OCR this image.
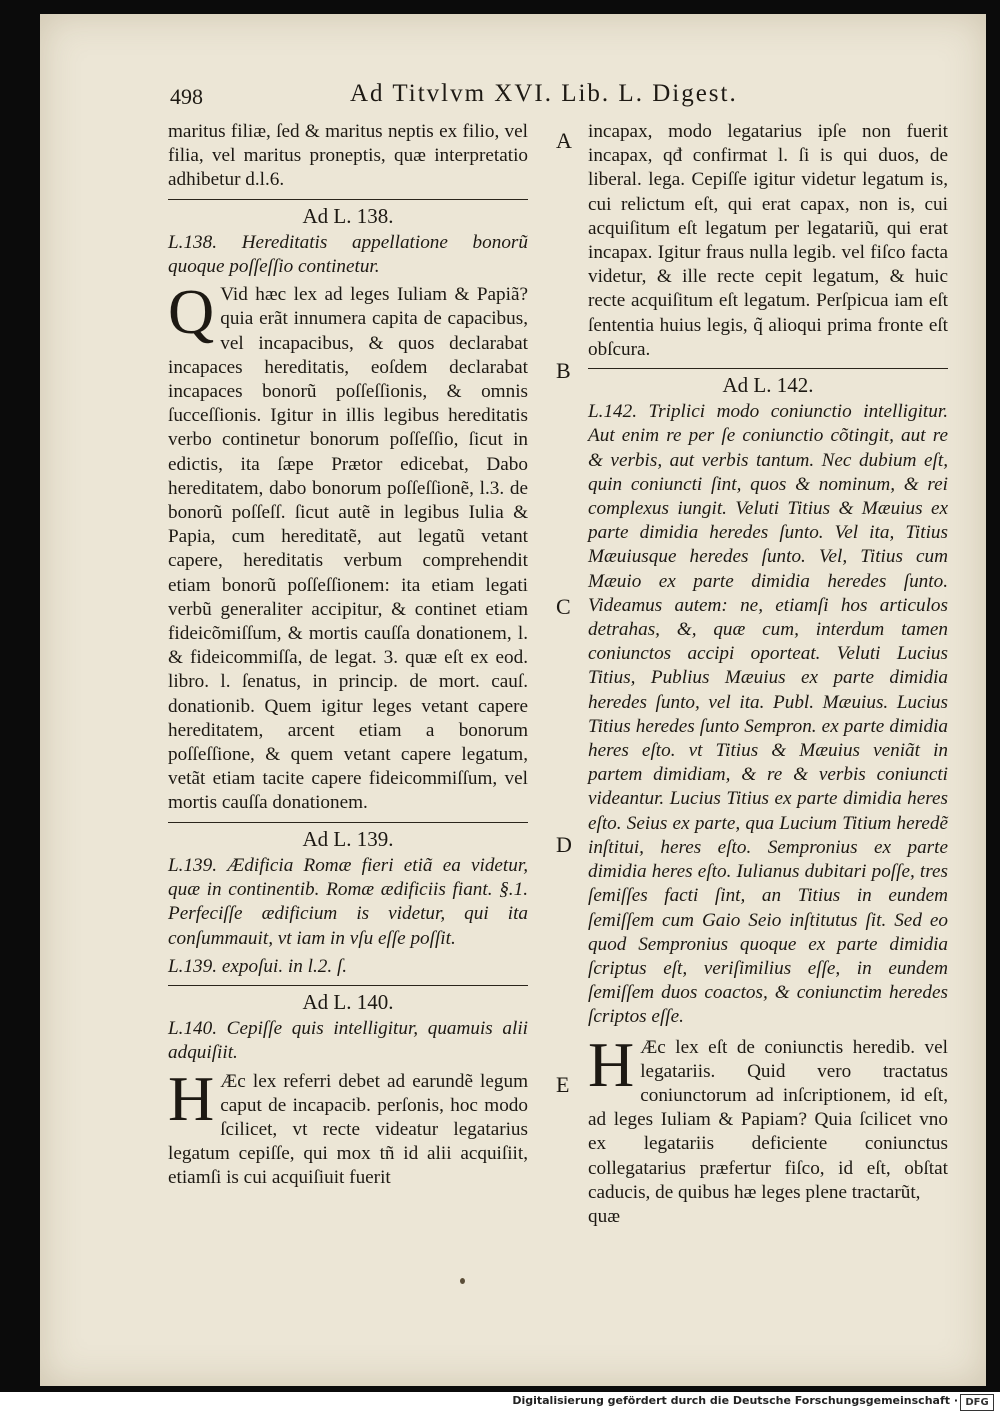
498	Ad Titvlvm XVI. Lib. L. Digest.
A
B
C
D
E

maritus filiæ, ſed & maritus neptis ex filio, vel filia, vel maritus proneptis, quæ interpretatio adhibetur d.l.6.

Ad L. 138.

L.138. Hereditatis appellatione bonorũ quoque poſſeſſio continetur.

Q Vid hæc lex ad leges Iuliam & Papiã? quia erãt innumera capita de capacibus, vel incapacibus, & quos declarabat incapaces hereditatis, eoſdem declarabat incapaces bonorũ poſſeſſionis, & omnis ſucceſſionis. Igitur in illis legibus hereditatis verbo continetur bonorum poſſeſſio, ſicut in edictis, ita ſæpe Prætor edicebat, Dabo hereditatem, dabo bonorum poſſeſſionẽ, l.3. de bonorũ poſſeſſ. ſicut autẽ in legibus Iulia & Papia, cum hereditatẽ, aut legatũ vetant capere, hereditatis verbum comprehendit etiam bonorũ poſſeſſionem: ita etiam legati verbũ generaliter accipitur, & continet etiam fideicõmiſſum, & mortis cauſſa donationem, l. & fideicommiſſa, de legat. 3. quæ eſt ex eod. libro. l. ſenatus, in princip. de mort. cauſ. donationib. Quem igitur leges vetant capere hereditatem, arcent etiam a bonorum poſſeſſione, & quem vetant capere legatum, vetãt etiam tacite capere fideicommiſſum, vel mortis cauſſa donationem.

Ad L. 139.

L.139. Ædificia Romæ fieri etiã ea videtur, quæ in continentib. Romæ ædificiis fiant. §.1. Perfeciſſe ædificium is videtur, qui ita conſummauit, vt iam in vſu eſſe poſſit.

L.139. expoſui. in l.2. ſ.

Ad L. 140.

L.140. Cepiſſe quis intelligitur, quamuis alii adquiſiit.

H Æc lex referri debet ad earundẽ legum caput de incapacib. perſonis, hoc modo ſcilicet, vt recte videatur legatarius legatum cepiſſe, qui mox tñ id alii acquiſiit, etiamſi is cui acquiſiuit fuerit

incapax, modo legatarius ipſe non fuerit incapax, qđ confirmat l. ſi is qui duos, de liberal. lega. Cepiſſe igitur videtur legatum is, cui relictum eſt, qui erat capax, non is, cui acquiſitum eſt legatum per legatariũ, qui erat incapax. Igitur fraus nulla legib. vel fiſco facta videtur, & ille recte cepit legatum, & huic recte acquiſitum eſt legatum. Perſpicua iam eſt ſententia huius legis, q̃ alioqui prima fronte eſt obſcura.

Ad L. 142.

L.142. Triplici modo coniunctio intelligitur. Aut enim re per ſe coniunctio cõtingit, aut re & verbis, aut verbis tantum. Nec dubium eſt, quin coniuncti ſint, quos & nominum, & rei complexus iungit. Veluti Titius & Mæuius ex parte dimidia heredes ſunto. Vel ita, Titius Mæuiusque heredes ſunto. Vel, Titius cum Mæuio ex parte dimidia heredes ſunto. Videamus autem: ne, etiamſi hos articulos detrahas, &, quæ cum, interdum tamen coniunctos accipi oporteat. Veluti Lucius Titius, Publius Mæuius ex parte dimidia heredes ſunto, vel ita. Publ. Mæuius. Lucius Titius heredes ſunto Sempron. ex parte dimidia heres eſto. vt Titius & Mæuius veniãt in partem dimidiam, & re & verbis coniuncti videantur. Lucius Titius ex parte dimidia heres eſto. Seius ex parte, qua Lucium Titium heredẽ inſtitui, heres eſto. Sempronius ex parte dimidia heres eſto. Iulianus dubitari poſſe, tres ſemiſſes facti ſint, an Titius in eundem ſemiſſem cum Gaio Seio inſtitutus ſit. Sed eo quod Sempronius quoque ex parte dimidia ſcriptus eſt, veriſimilius eſſe, in eundem ſemiſſem duos coactos, & coniunctim heredes ſcriptos eſſe.

H Æc lex eſt de coniunctis heredib. vel legatariis. Quid vero tractatus coniunctorum ad inſcriptionem, id eſt, ad leges Iuliam & Papiam? Quia ſcilicet vno ex legatariis deficiente coniunctus collegatarius præfertur fiſco, id eſt, obſtat caducis, de quibus hæ leges plene tractarũt,

quæ

Digitalisierung gefördert durch die Deutsche Forschungsgemeinschaft · DFG
